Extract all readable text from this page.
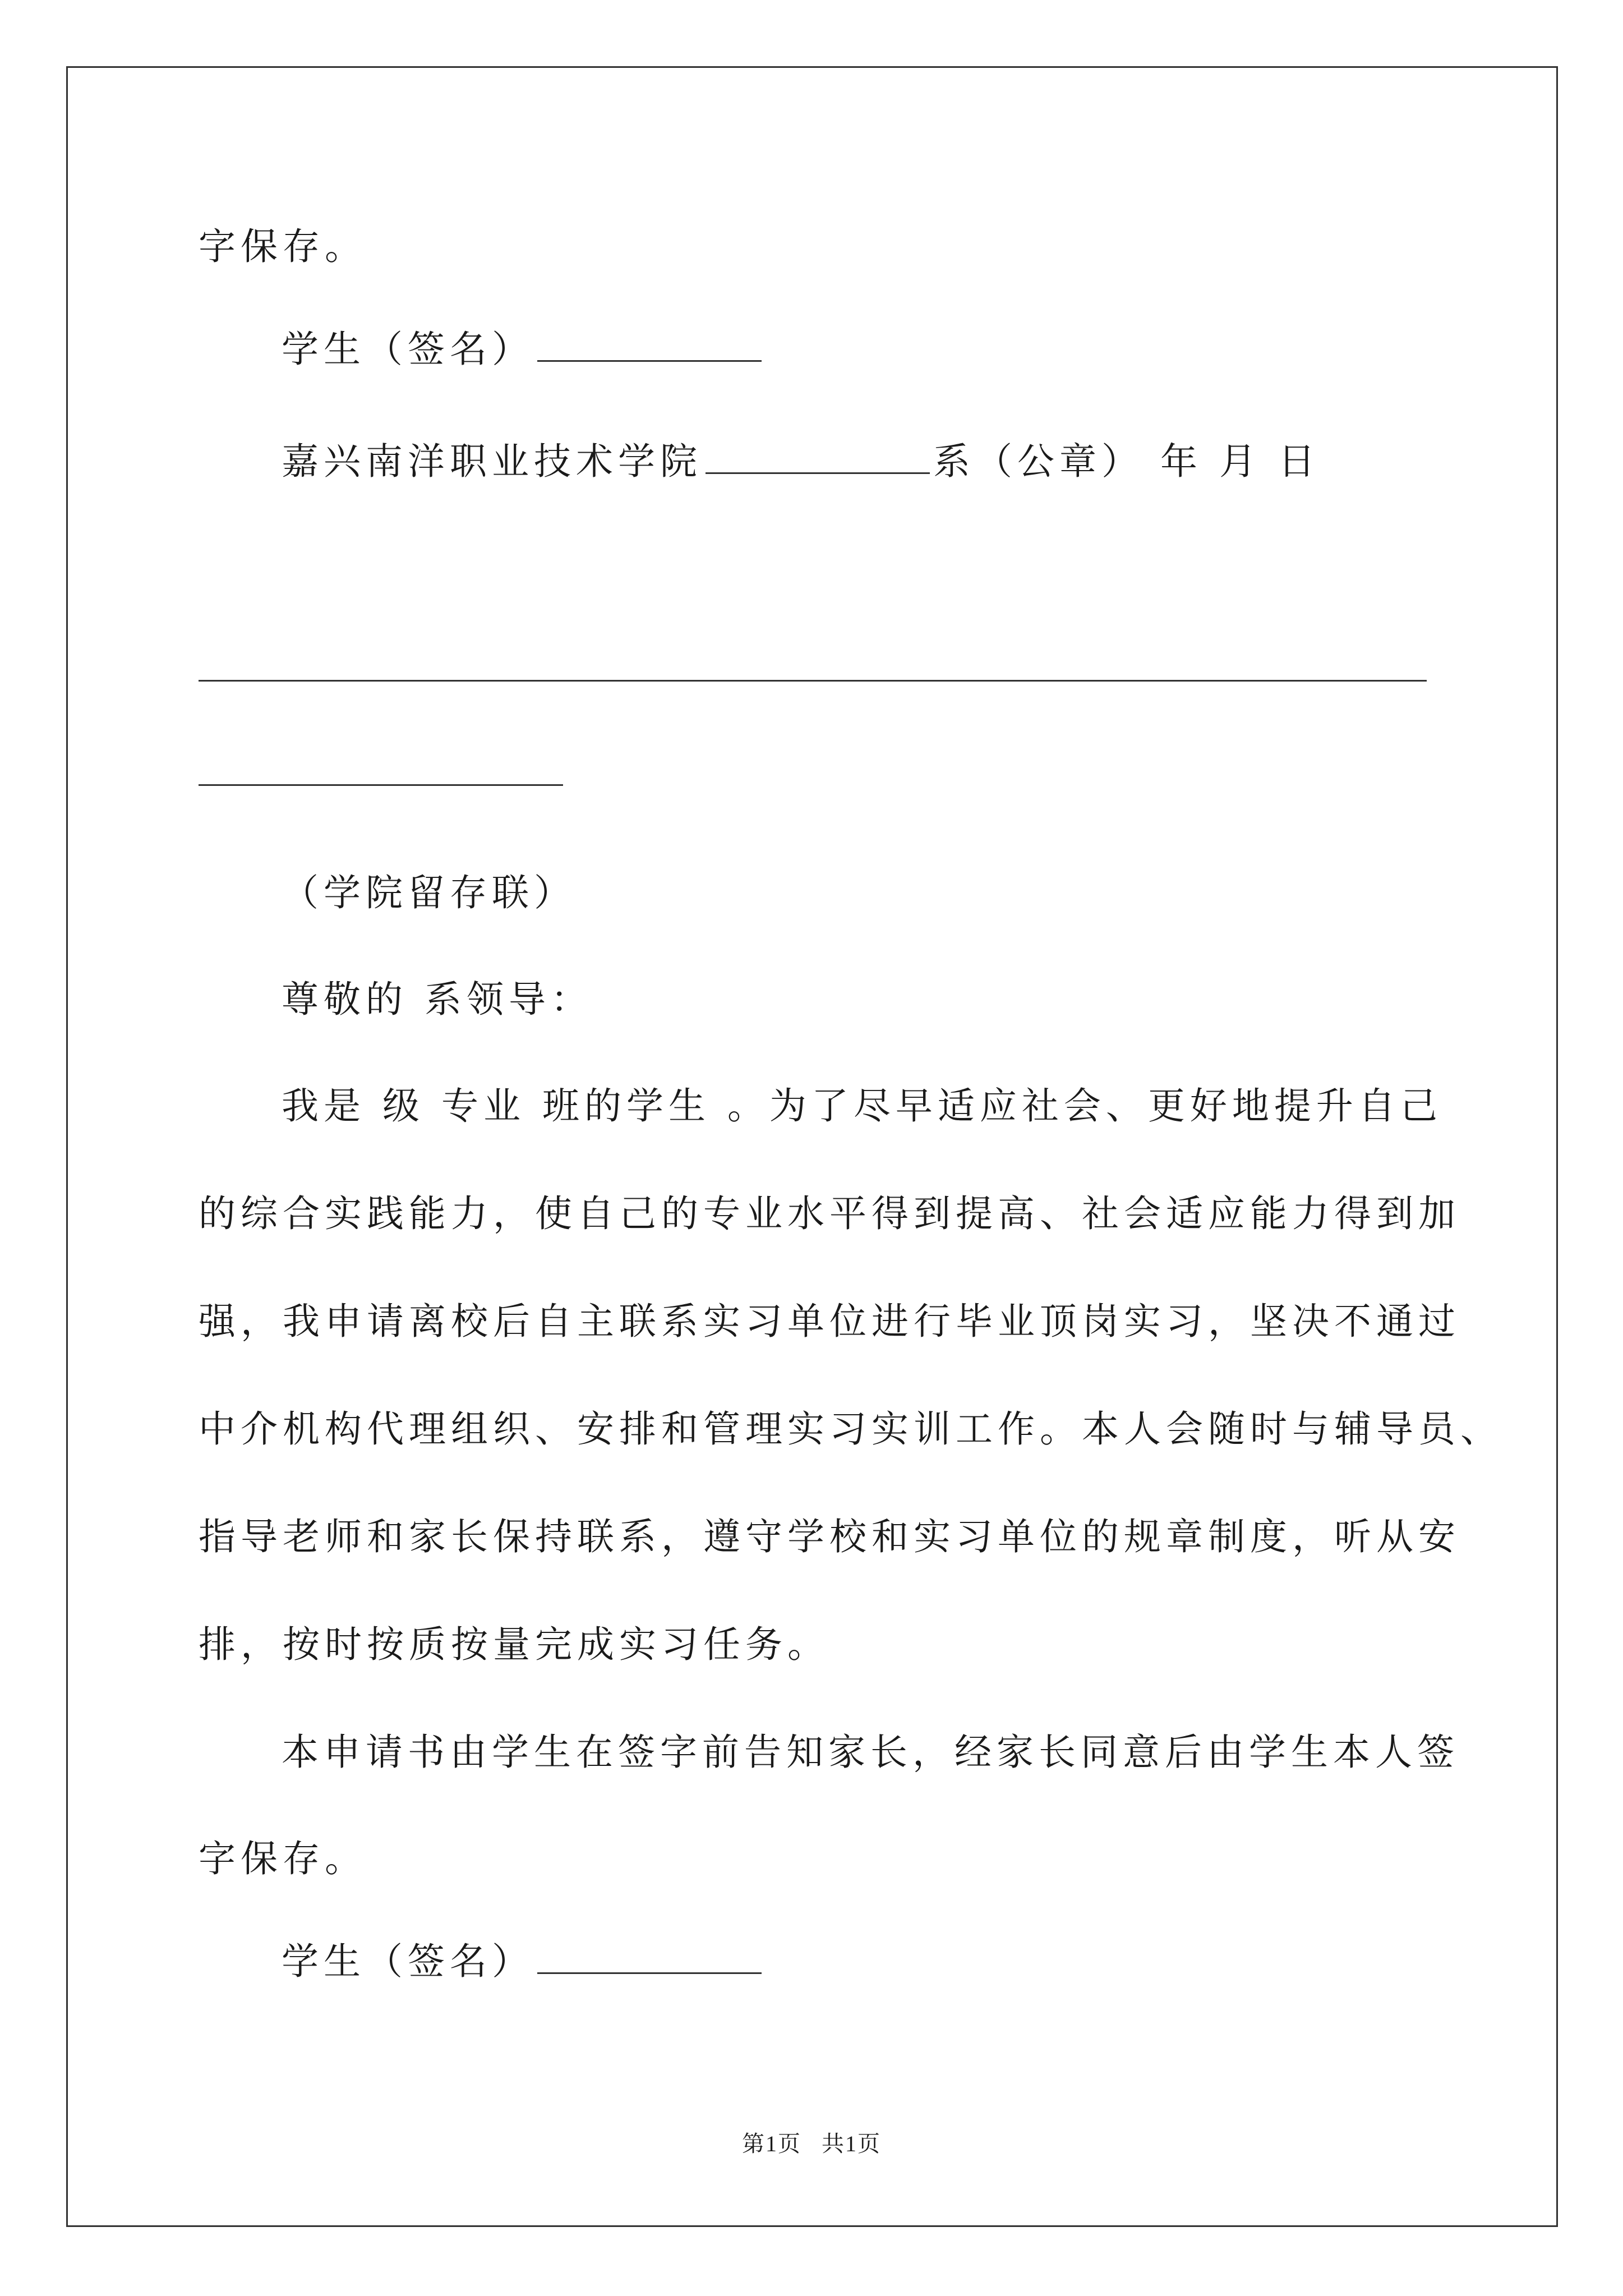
字保存。
学生（签名）
嘉兴南洋职业技术学院	系（公章） 年 月 日
（学院留存联）
尊敬的 系领导：
我是 级 专业 班的学生 。为了尽早适应社会、更好地提升自己
的综合实践能力，使自己的专业水平得到提高、社会适应能力得到加
强，我申请离校后自主联系实习单位进行毕业顶岗实习，坚决不通过
中介机构代理组织、安排和管理实习实训工作。本人会随时与辅导员、
指导老师和家长保持联系，遵守学校和实习单位的规章制度，听从安
排，按时按质按量完成实习任务。
本申请书由学生在签字前告知家长，经家长同意后由学生本人签
字保存。
学生（签名）
第1页 共1页
